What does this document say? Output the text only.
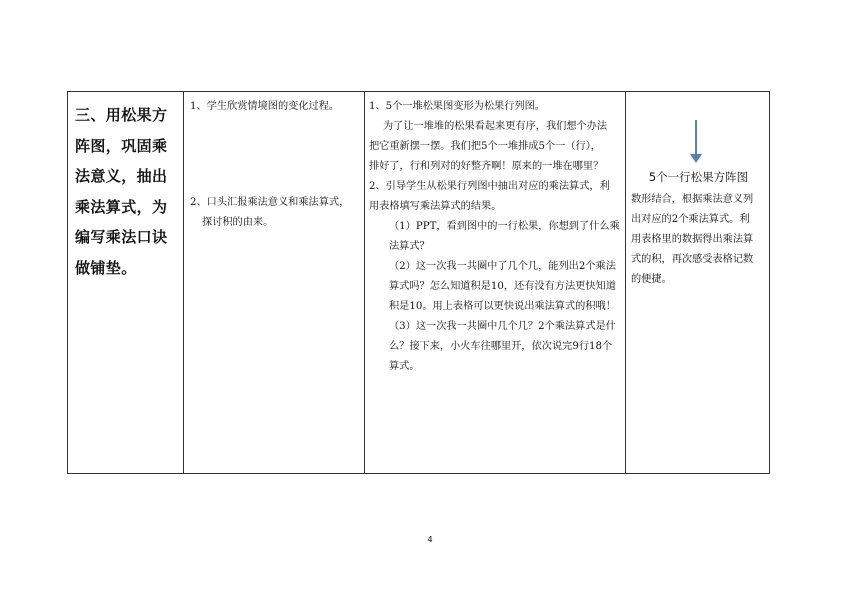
三、用松果方阵图，巩固乘法意义，抽出乘法算式，为编写乘法口诀做铺垫。
1、学生欣赏情境图的变化过程。
2、口头汇报乘法意义和乘法算式，
探讨积的由来。

1、5个一堆松果图变形为松果行列图。

为了让一堆堆的松果看起来更有序，我们想个办法

把它重新摆一摆。我们把5个一堆排成5个一（行），

排好了，行和列对的好整齐啊！原来的一堆在哪里？

2、引导学生从松果行列图中抽出对应的乘法算式，利

用表格填写乘法算式的结果。

（1）PPT，看到图中的一行松果，你想到了什么乘

法算式？

（2）这一次我一共圈中了几个几，能列出2个乘法

算式吗？怎么知道积是10，还有没有方法更快知道

积是10。用上表格可以更快说出乘法算式的积哦！

（3）这一次我一共圈中几个几？2个乘法算式是什

么？接下来，小火车往哪里开，依次说完9行18个

算式。

5个一行松果方阵图
数形结合，根据乘法意义列
出对应的2个乘法算式。利
用表格里的数据得出乘法算
式的积，再次感受表格记数
的便捷。
4
